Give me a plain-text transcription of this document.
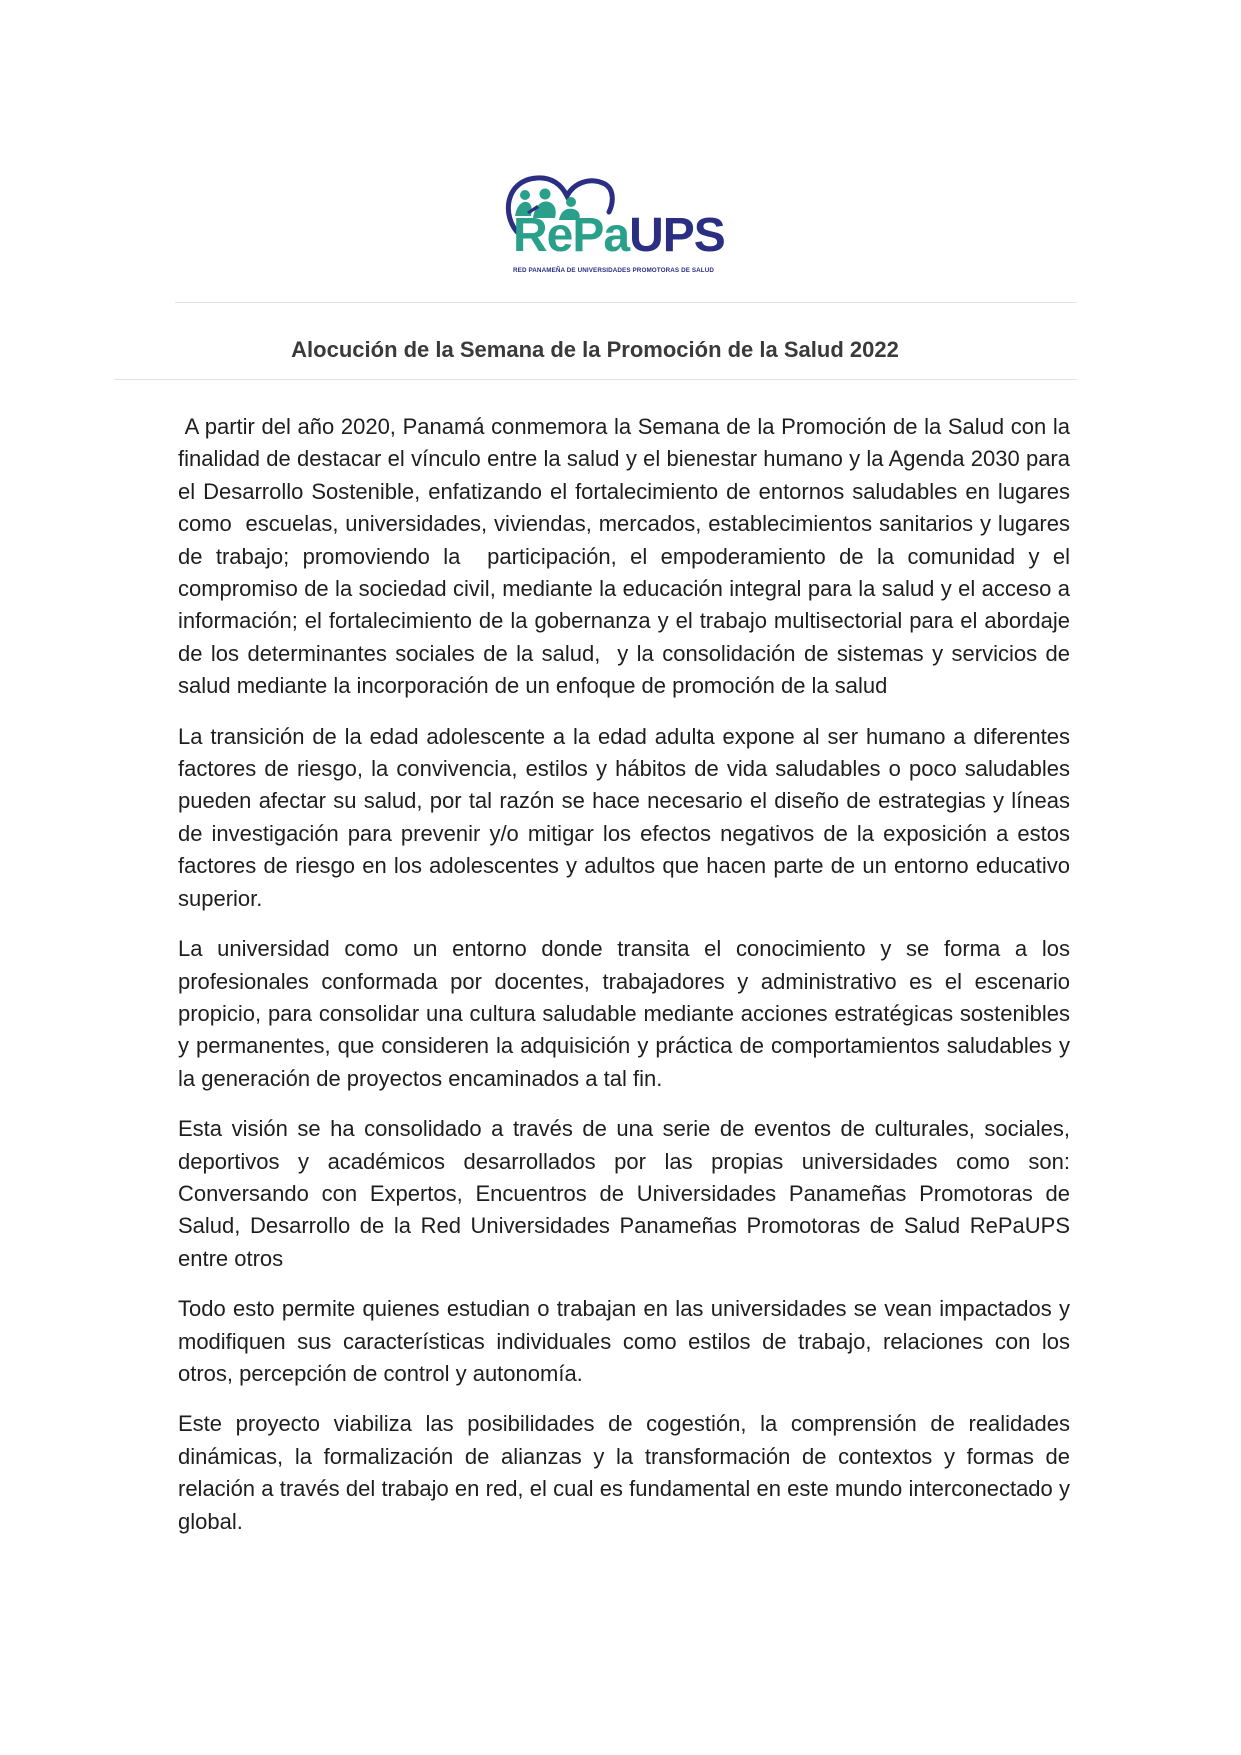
RePaUPS
RED PANAMEÑA DE UNIVERSIDADES PROMOTORAS DE SALUD
Alocución de la Semana de la Promoción de la Salud 2022

A partir del año 2020, Panamá conmemora la Semana de la Promoción de la Salud con la  finalidad de destacar el vínculo entre la salud y el bienestar humano y la Agenda 2030 para el Desarrollo Sostenible, enfatizando el fortalecimiento de entornos saludables en lugares como  escuelas, universidades, viviendas, mercados, establecimientos sanitarios y lugares de trabajo; promoviendo la  participación, el empoderamiento de la comunidad y el compromiso de la sociedad civil, mediante la educación integral para la salud y el acceso a información; el fortalecimiento de la gobernanza y el trabajo multisectorial para el abordaje de los determinantes sociales de la salud,  y la consolidación de sistemas y servicios de salud mediante la incorporación de un enfoque de promoción de la salud

La transición de la edad adolescente a la edad adulta expone al ser humano a diferentes factores de riesgo, la convivencia, estilos y hábitos de vida saludables o poco saludables pueden afectar su salud, por tal razón se hace necesario el diseño de estrategias y líneas de investigación para prevenir y/o mitigar los efectos negativos de la exposición a estos factores de riesgo en los adolescentes y adultos que hacen parte de un entorno educativo superior.

La universidad como un entorno donde transita el conocimiento y se forma a los profesionales conformada por docentes, trabajadores y administrativo es el escenario propicio, para consolidar una cultura saludable mediante acciones estratégicas sostenibles y permanentes, que consideren la adquisición y práctica de comportamientos saludables y la generación de proyectos encaminados a tal fin.

Esta visión se ha consolidado a través de una serie de eventos de culturales, sociales, deportivos y académicos desarrollados por las propias universidades como son: Conversando con Expertos, Encuentros de Universidades Panameñas Promotoras de Salud, Desarrollo de la Red Universidades Panameñas Promotoras de Salud RePaUPS entre otros

Todo esto permite quienes estudian o trabajan en las universidades se vean impactados y modifiquen sus características individuales como estilos de trabajo, relaciones con los otros, percepción de control y autonomía.

Este proyecto viabiliza las posibilidades de cogestión, la comprensión de realidades dinámicas, la formalización de alianzas y la transformación de contextos y formas de relación a través del trabajo en red, el cual es fundamental en este mundo interconectado y global.
